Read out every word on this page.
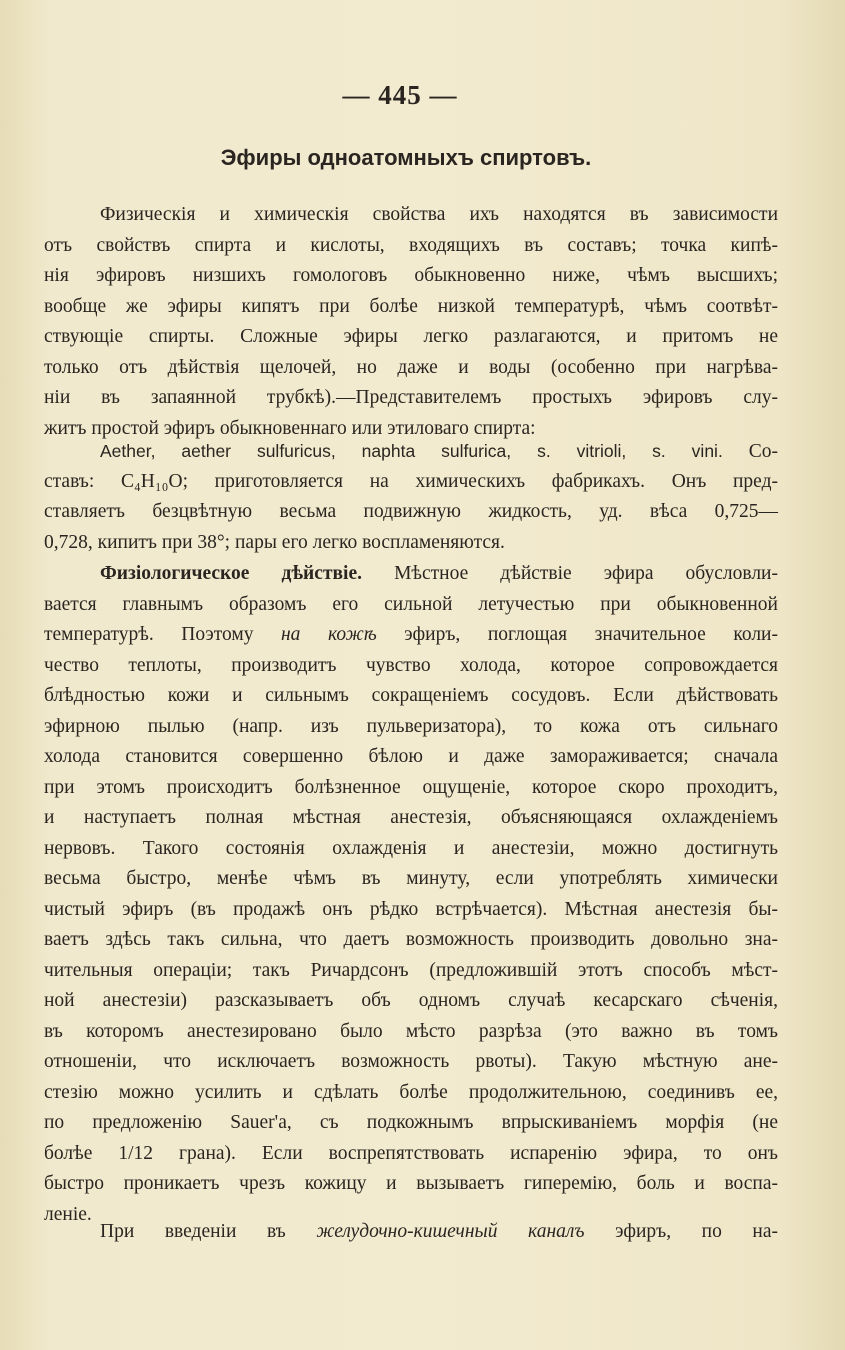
— 445 —
Эфиры одноатомныхъ спиртовъ.
Физическія и химическія свойства ихъ находятся въ зависимости
отъ свойствъ спирта и кислоты, входящихъ въ составъ; точка кипѣ-
нія эфировъ низшихъ гомологовъ обыкновенно ниже, чѣмъ высшихъ;
вообще же эфиры кипятъ при болѣе низкой температурѣ, чѣмъ соотвѣт-
ствующіе спирты. Сложные эфиры легко разлагаются, и притомъ не
только отъ дѣйствія щелочей, но даже и воды (особенно при нагрѣва-
ніи въ запаянной трубкѣ).—Представителемъ простыхъ эфировъ слу-
житъ простой эфиръ обыкновеннаго или этиловаго спирта:
Aether, aether sulfuricus, naphta sulfurica, s. vitrioli, s. vini. Со-
ставъ: C₄H₁₀O; приготовляется на химическихъ фабрикахъ. Онъ пред-
ставляетъ безцвѣтную весьма подвижную жидкость, уд. вѣса 0,725—
0,728, кипитъ при 38°; пары его легко воспламеняются.
Физіологическое дѣйствіе. Мѣстное дѣйствіе эфира обусловли-
вается главнымъ образомъ его сильной летучестью при обыкновенной
температурѣ. Поэтому на кожѣ эфиръ, поглощая значительное коли-
чество теплоты, производитъ чувство холода, которое сопровождается
блѣдностью кожи и сильнымъ сокращеніемъ сосудовъ. Если дѣйствовать
эфирною пылью (напр. изъ пульверизатора), то кожа отъ сильнаго
холода становится совершенно бѣлою и даже замораживается; сначала
при этомъ происходитъ болѣзненное ощущеніе, которое скоро проходитъ,
и наступаетъ полная мѣстная анестезія, объясняющаяся охлажденіемъ
нервовъ. Такого состоянія охлажденія и анестезіи, можно достигнуть
весьма быстро, менѣе чѣмъ въ минуту, если употреблять химически
чистый эфиръ (въ продажѣ онъ рѣдко встрѣчается). Мѣстная анестезія бы-
ваетъ здѣсь такъ сильна, что даетъ возможность производить довольно зна-
чительныя операціи; такъ Ричардсонъ (предложившій этотъ способъ мѣст-
ной анестезіи) разсказываетъ объ одномъ случаѣ кесарскаго сѣченія,
въ которомъ анестезировано было мѣсто разрѣза (это важно въ томъ
отношеніи, что исключаетъ возможность рвоты). Такую мѣстную ане-
стезію можно усилить и сдѣлать болѣе продолжительною, соединивъ ее,
по предложенію Sauer'а, съ подкожнымъ впрыскиваніемъ морфія (не
болѣе 1/12 грана). Если воспрепятствовать испаренію эфира, то онъ
быстро проникаетъ чрезъ кожицу и вызываетъ гиперемію, боль и воспа-
леніе.
При введеніи въ желудочно-кишечный каналъ эфиръ, по на-
